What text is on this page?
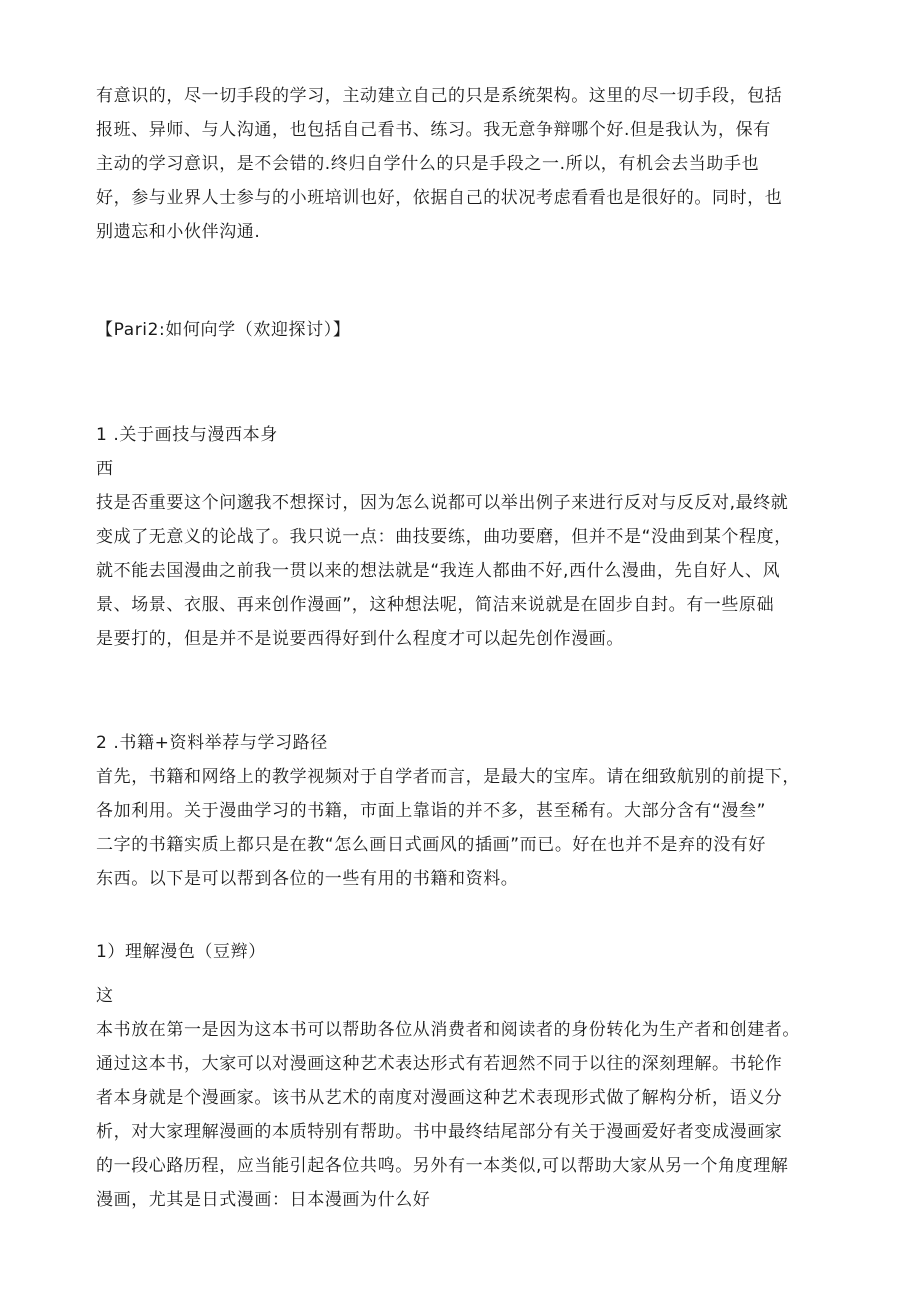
有意识的，尽一切手段的学习，主动建立自己的只是系统架构。这里的尽一切手段，包括
报班、异师、与人沟通，也包括自己看书、练习。我无意争辩哪个好.但是我认为，保有
主动的学习意识，是不会错的.终归自学什么的只是手段之一.所以，有机会去当助手也
好，参与业界人士参与的小班培训也好，依据自己的状况考虑看看也是很好的。同时，也
别遗忘和小伙伴沟通.
【Pari2:如何向学（欢迎探讨）】
1 .关于画技与漫西本身
西
技是否重要这个问邈我不想探讨，因为怎么说都可以举出例子来进行反对与反反对,最终就
变成了无意义的论战了。我只说一点：曲技要练，曲功要磨，但并不是“没曲到某个程度，
就不能去国漫曲之前我一贯以来的想法就是“我连人都曲不好,西什么漫曲，先自好人、风
景、场景、衣服、再来创作漫画”，这种想法呢，简洁来说就是在固步自封。有一些原础
是要打的，但是并不是说要西得好到什么程度才可以起先创作漫画。
2 .书籍+资料举荐与学习路径
首先，书籍和网络上的教学视频对于自学者而言，是最大的宝库。请在细致航别的前提下，
各加利用。关于漫曲学习的书籍，市面上靠诣的并不多，甚至稀有。大部分含有“漫叁”
二字的书籍实质上都只是在教“怎么画日式画风的插画”而已。好在也并不是弃的没有好
东西。以下是可以帮到各位的一些有用的书籍和资料。
1）理解漫色（豆辫）
这
本书放在第一是因为这本书可以帮助各位从消费者和阅读者的身份转化为生产者和创建者。
通过这本书，大家可以对漫画这种艺术表达形式有若迥然不同于以往的深刻理解。书轮作
者本身就是个漫画家。该书从艺术的南度对漫画这种艺术表现形式做了解构分析，语义分
析，对大家理解漫画的本质特别有帮助。书中最终结尾部分有关于漫画爱好者变成漫画家
的一段心路历程，应当能引起各位共鸣。另外有一本类似,可以帮助大家从另一个角度理解
漫画，尤其是日式漫画：日本漫画为什么好
